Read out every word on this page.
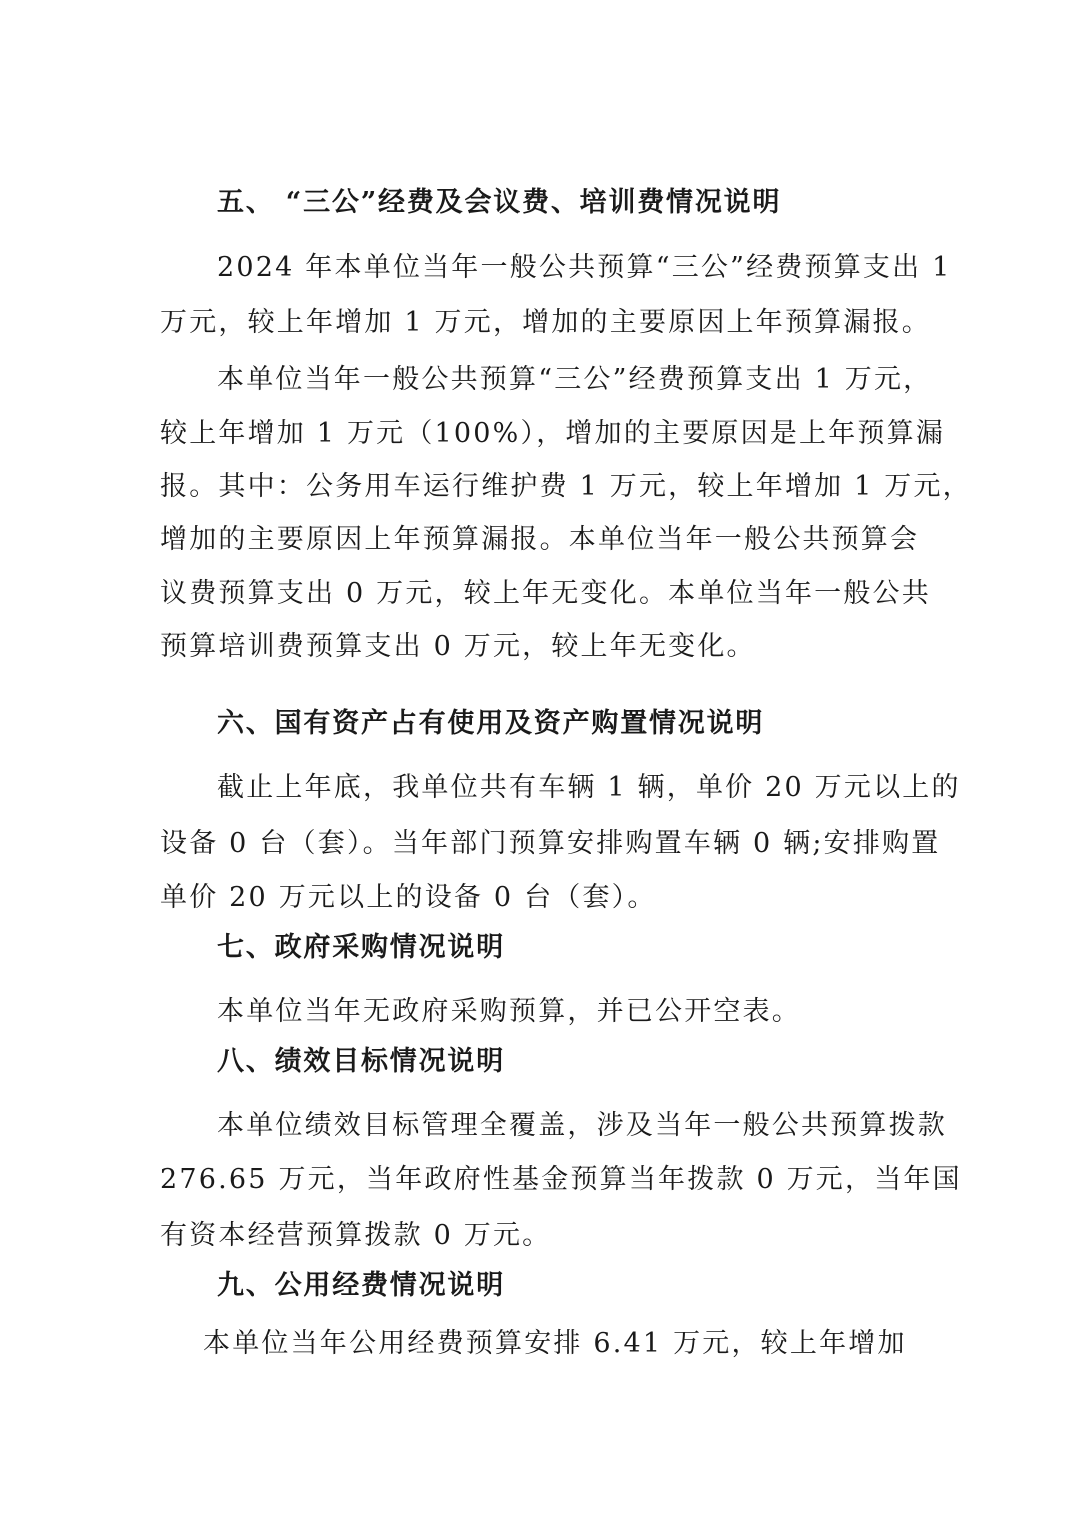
五、 “三公”经费及会议费、培训费情况说明
2024 年本单位当年一般公共预算“三公”经费预算支出 1
万元，较上年增加 1 万元，增加的主要原因上年预算漏报。
本单位当年一般公共预算“三公”经费预算支出 1 万元，
较上年增加 1 万元（100%），增加的主要原因是上年预算漏
报。其中：公务用车运行维护费 1 万元，较上年增加 1 万元，
增加的主要原因上年预算漏报。本单位当年一般公共预算会
议费预算支出 0 万元，较上年无变化。本单位当年一般公共
预算培训费预算支出 0 万元，较上年无变化。
六、国有资产占有使用及资产购置情况说明
截止上年底，我单位共有车辆 1 辆，单价 20 万元以上的
设备 0 台（套）。当年部门预算安排购置车辆 0 辆;安排购置
单价 20 万元以上的设备 0 台（套）。
七、政府采购情况说明
本单位当年无政府采购预算，并已公开空表。
八、绩效目标情况说明
本单位绩效目标管理全覆盖，涉及当年一般公共预算拨款
276.65 万元，当年政府性基金预算当年拨款 0 万元，当年国
有资本经营预算拨款 0 万元。
九、公用经费情况说明
本单位当年公用经费预算安排 6.41 万元，较上年增加
